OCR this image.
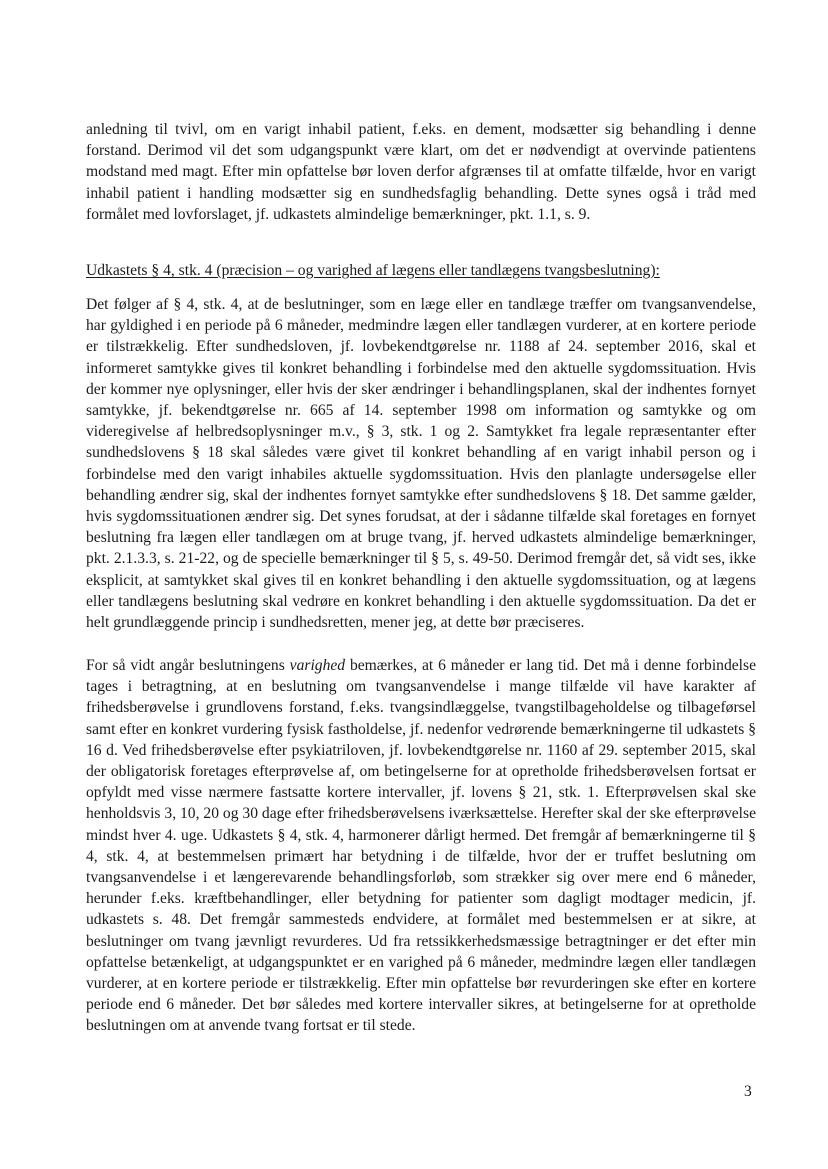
anledning til tvivl, om en varigt inhabil patient, f.eks. en dement, modsætter sig behandling i denne forstand. Derimod vil det som udgangspunkt være klart, om det er nødvendigt at overvinde patientens modstand med magt. Efter min opfattelse bør loven derfor afgrænses til at omfatte tilfælde, hvor en varigt inhabil patient i handling modsætter sig en sundhedsfaglig behandling. Dette synes også i tråd med formålet med lovforslaget, jf. udkastets almindelige bemærkninger, pkt. 1.1, s. 9.

Udkastets § 4, stk. 4 (præcision – og varighed af lægens eller tandlægens tvangsbeslutning):

Det følger af § 4, stk. 4, at de beslutninger, som en læge eller en tandlæge træffer om tvangsanvendelse, har gyldighed i en periode på 6 måneder, medmindre lægen eller tandlægen vurderer, at en kortere periode er tilstrækkelig. Efter sundhedsloven, jf. lovbekendtgørelse nr. 1188 af 24. september 2016, skal et informeret samtykke gives til konkret behandling i forbindelse med den aktuelle sygdomssituation. Hvis der kommer nye oplysninger, eller hvis der sker ændringer i behandlingsplanen, skal der indhentes fornyet samtykke, jf. bekendtgørelse nr. 665 af 14. september 1998 om information og samtykke og om videregivelse af helbredsoplysninger m.v., § 3, stk. 1 og 2. Samtykket fra legale repræsentanter efter sundhedslovens § 18 skal således være givet til konkret behandling af en varigt inhabil person og i forbindelse med den varigt inhabiles aktuelle sygdomssituation. Hvis den planlagte undersøgelse eller behandling ændrer sig, skal der indhentes fornyet samtykke efter sundhedslovens § 18. Det samme gælder, hvis sygdomssituationen ændrer sig. Det synes forudsat, at der i sådanne tilfælde skal foretages en fornyet beslutning fra lægen eller tandlægen om at bruge tvang, jf. herved udkastets almindelige bemærkninger, pkt. 2.1.3.3, s. 21-22, og de specielle bemærkninger til § 5, s. 49-50. Derimod fremgår det, så vidt ses, ikke eksplicit, at samtykket skal gives til en konkret behandling i den aktuelle sygdomssituation, og at lægens eller tandlægens beslutning skal vedrøre en konkret behandling i den aktuelle sygdomssituation. Da det er helt grundlæggende princip i sundhedsretten, mener jeg, at dette bør præciseres.

For så vidt angår beslutningens varighed bemærkes, at 6 måneder er lang tid. Det må i denne forbindelse tages i betragtning, at en beslutning om tvangsanvendelse i mange tilfælde vil have karakter af frihedsberøvelse i grundlovens forstand, f.eks. tvangsindlæggelse, tvangstilbageholdelse og tilbageførsel samt efter en konkret vurdering fysisk fastholdelse, jf. nedenfor vedrørende bemærkningerne til udkastets § 16 d. Ved frihedsberøvelse efter psykiatriloven, jf. lovbekendtgørelse nr. 1160 af 29. september 2015, skal der obligatorisk foretages efterprøvelse af, om betingelserne for at opretholde frihedsberøvelsen fortsat er opfyldt med visse nærmere fastsatte kortere intervaller, jf. lovens § 21, stk. 1. Efterprøvelsen skal ske henholdsvis 3, 10, 20 og 30 dage efter frihedsberøvelsens iværksættelse. Herefter skal der ske efterprøvelse mindst hver 4. uge. Udkastets § 4, stk. 4, harmonerer dårligt hermed. Det fremgår af bemærkningerne til § 4, stk. 4, at bestemmelsen primært har betydning i de tilfælde, hvor der er truffet beslutning om tvangsanvendelse i et længerevarende behandlingsforløb, som strækker sig over mere end 6 måneder, herunder f.eks. kræftbehandlinger, eller betydning for patienter som dagligt modtager medicin, jf. udkastets s. 48. Det fremgår sammesteds endvidere, at formålet med bestemmelsen er at sikre, at beslutninger om tvang jævnligt revurderes. Ud fra retssikkerhedsmæssige betragtninger er det efter min opfattelse betænkeligt, at udgangspunktet er en varighed på 6 måneder, medmindre lægen eller tandlægen vurderer, at en kortere periode er tilstrækkelig. Efter min opfattelse bør revurderingen ske efter en kortere periode end 6 måneder. Det bør således med kortere intervaller sikres, at betingelserne for at opretholde beslutningen om at anvende tvang fortsat er til stede.

3
